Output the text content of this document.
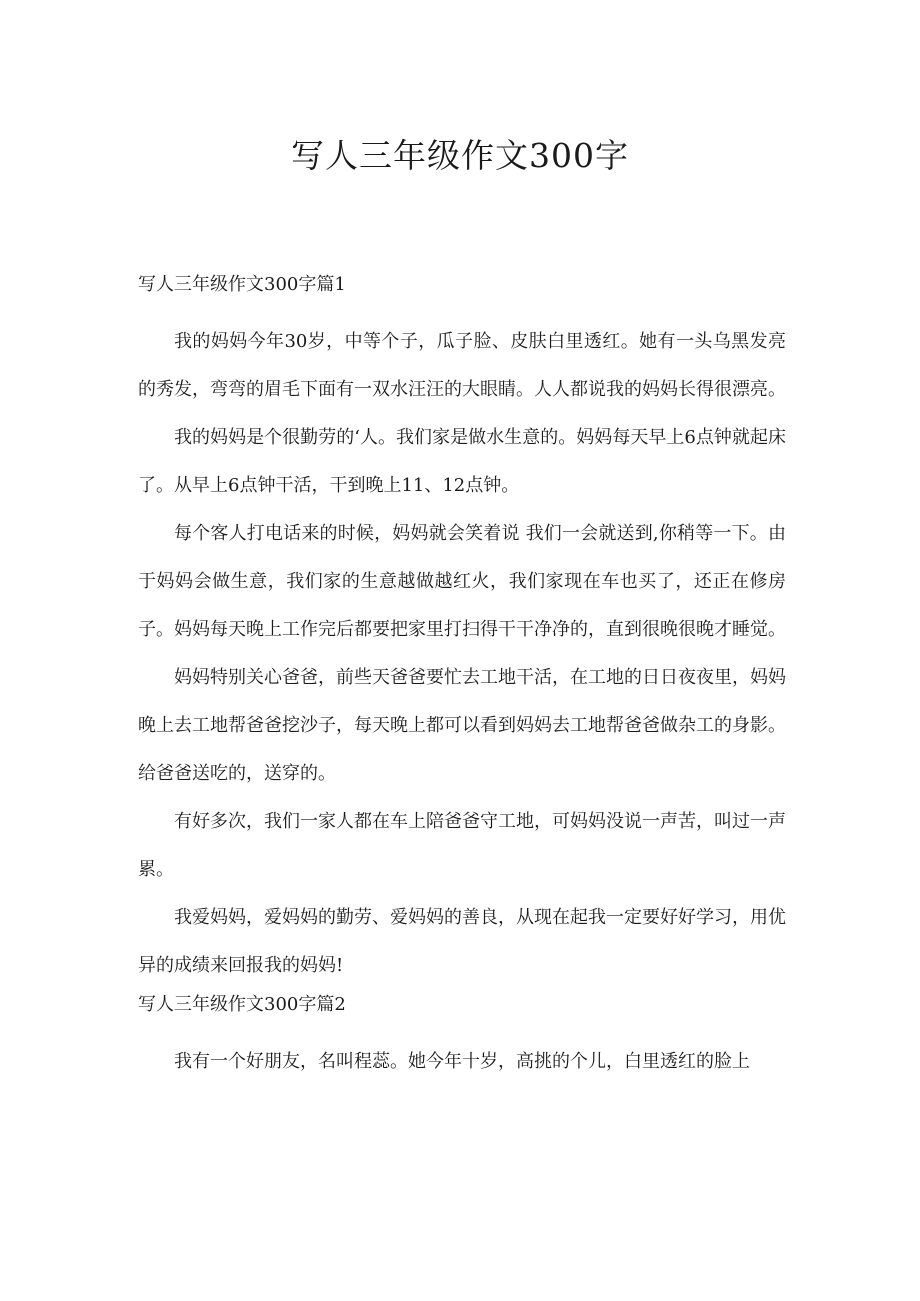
写人三年级作文300字
写人三年级作文300字篇1

我的妈妈今年30岁，中等个子，瓜子脸、皮肤白里透红。她有一头乌黑发亮的秀发，弯弯的眉毛下面有一双水汪汪的大眼睛。人人都说我的妈妈长得很漂亮。

我的妈妈是个很勤劳的‘人。我们家是做水生意的。妈妈每天早上6点钟就起床了。从早上6点钟干活，干到晚上11、12点钟。

每个客人打电话来的时候，妈妈就会笑着说 我们一会就送到,你稍等一下。由于妈妈会做生意，我们家的生意越做越红火，我们家现在车也买了，还正在修房子。妈妈每天晚上工作完后都要把家里打扫得干干净净的，直到很晚很晚才睡觉。

妈妈特别关心爸爸，前些天爸爸要忙去工地干活，在工地的日日夜夜里，妈妈晚上去工地帮爸爸挖沙子，每天晚上都可以看到妈妈去工地帮爸爸做杂工的身影。给爸爸送吃的，送穿的。

有好多次，我们一家人都在车上陪爸爸守工地，可妈妈没说一声苦，叫过一声累。

我爱妈妈，爱妈妈的勤劳、爱妈妈的善良，从现在起我一定要好好学习，用优异的成绩来回报我的妈妈!

写人三年级作文300字篇2

我有一个好朋友，名叫程蕊。她今年十岁，高挑的个儿，白里透红的脸上
